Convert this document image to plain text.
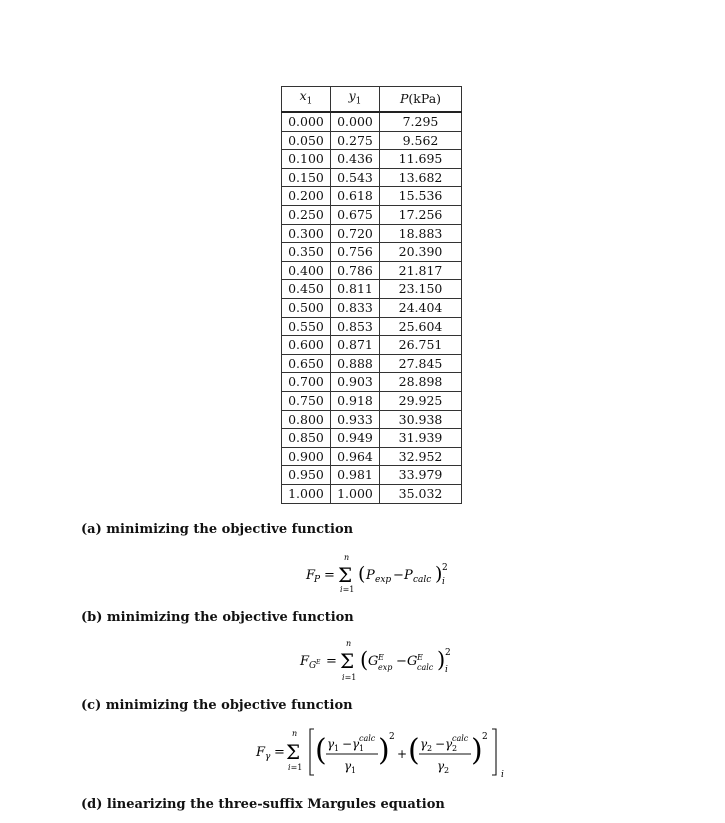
$x_1$	$y_1$	P(kPa)
0.000	0.000	7.295
0.050	0.275	9.562
0.100	0.436	11.695
0.150	0.543	13.682
0.200	0.618	15.536
0.250	0.675	17.256
0.300	0.720	18.883
0.350	0.756	20.390
0.400	0.786	21.817
0.450	0.811	23.150
0.500	0.833	24.404
0.550	0.853	25.604
0.600	0.871	26.751
0.650	0.888	27.845
0.700	0.903	28.898
0.750	0.918	29.925
0.800	0.933	30.938
0.850	0.949	31.939
0.900	0.964	32.952
0.950	0.981	33.979
1.000	1.000	35.032
(a) minimizing the objective function
F
P = Σ
n
i=1
( P exp − P calc ) 2
i
(b) minimizing the objective function
F G E = Σ
n
i=1
( G E
exp − G E
calc ) 2
i
(c) minimizing the objective function
F γ = Σ
n
i=1 ( γ 1 − γ calc
1
γ 1
) 2
+ ( γ 2 − γ calc
2
γ 2
) 2
i
(d) linearizing the three-suffix Margules equation
